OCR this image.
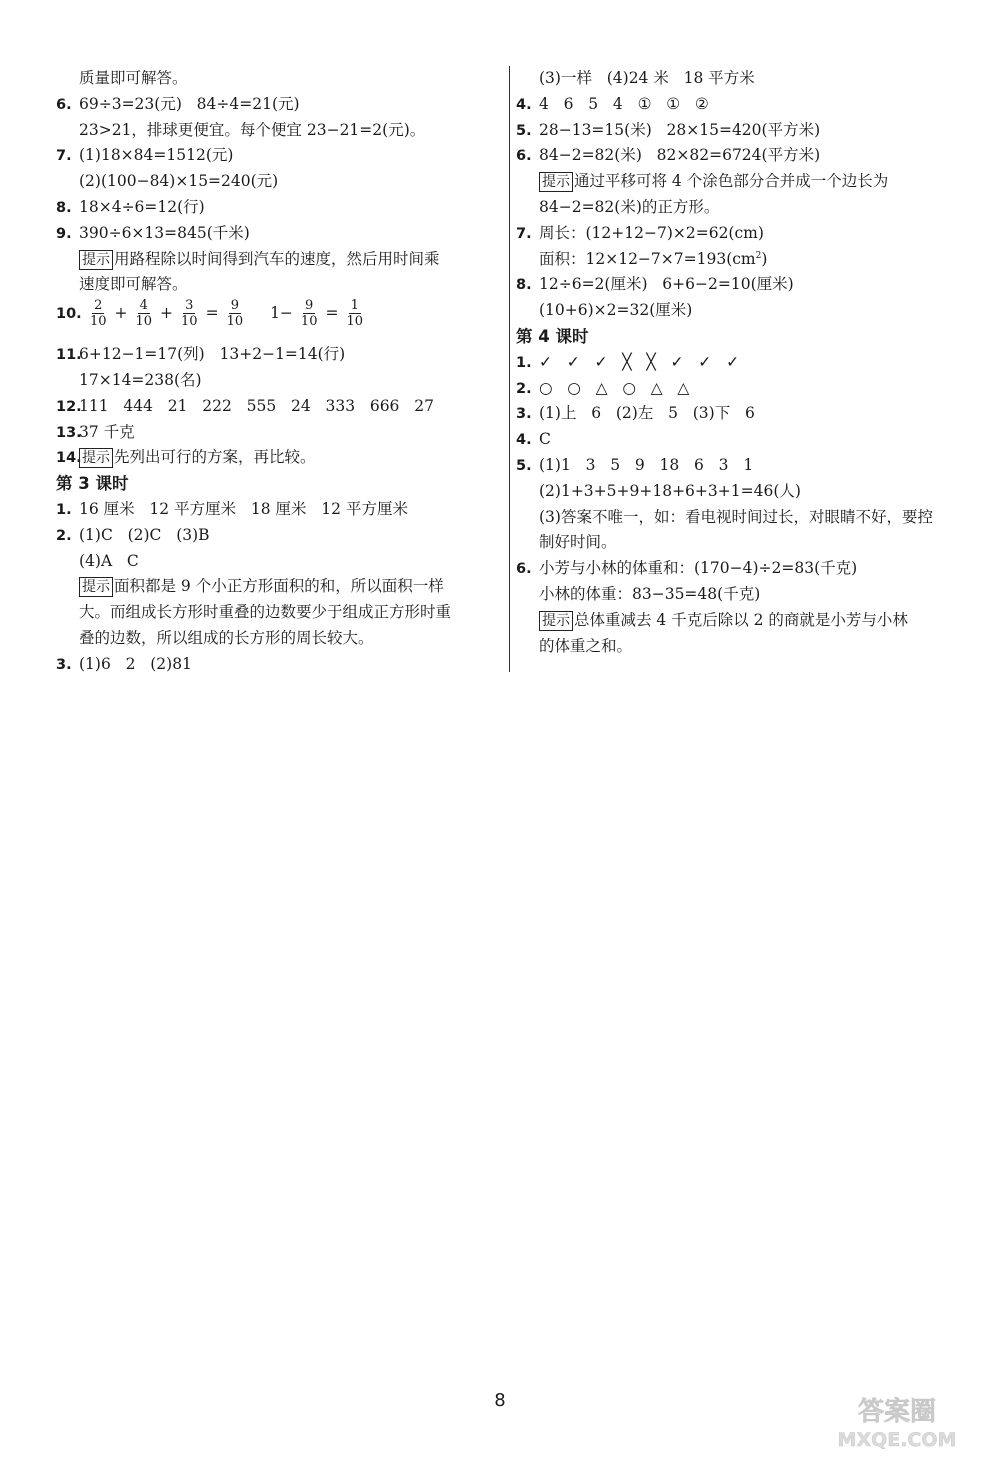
质量即可解答。
6. 69÷3=23(元)   84÷4=21(元)
23>21，排球更便宜。每个便宜 23−21=2(元)。
7. (1)18×84=1512(元)
(2)(100−84)×15=240(元)
8. 18×4÷6=12(行)
9. 390÷6×13=845(千米)
提示 用路程除以时间得到汽车的速度，然后用时间乘
速度即可解答。
10. $\frac{2}{10} + \frac{4}{10} + \frac{3}{10} = \frac{9}{10} 1- \frac{9}{10} = \frac{1}{10}$
11.6+12−1=17(列)   13+2−1=14(行)
17×14=238(名)
12.111   444   21   222   555   24   333   666   27
13.37 千克
14.提示 先列出可行的方案，再比较。
第 3 课时
1. 16 厘米   12 平方厘米   18 厘米   12 平方厘米
2. (1)C   (2)C   (3)B
(4)A   C
提示 面积都是 9 个小正方形面积的和，所以面积一样
大。而组成长方形时重叠的边数要少于组成正方形时重
叠的边数，所以组成的长方形的周长较大。
3. (1)6   2   (2)81
(3)一样   (4)24 米   18 平方米
4. 4   6   5   4   ①   ①   ②
5. 28−13=15(米)   28×15=420(平方米)
6. 84−2=82(米)   82×82=6724(平方米)
提示 通过平移可将 4 个涂色部分合并成一个边长为
84−2=82(米)的正方形。
7. 周长：(12+12−7)×2=62(cm)
面积：$12\times 12-7\times 7=193(cm^2)$
8. 12÷6=2(厘米)   6+6−2=10(厘米)
(10+6)×2=32(厘米)
第 4 课时
1. ✓   ✓   ✓   ╳   ╳   ✓   ✓   ✓
2. ○   ○   △   ○   △   △
3. (1)上   6   (2)左   5   (3)下   6
4. C
5. (1)1   3   5   9   18   6   3   1
(2)1+3+5+9+18+6+3+1=46(人)
(3)答案不唯一，如：看电视时间过长，对眼睛不好，要控
制好时间。
6. 小芳与小林的体重和：(170−4)÷2=83(千克)
小林的体重：83−35=48(千克)
提示 总体重减去 4 千克后除以 2 的商就是小芳与小林
的体重之和。
8	答案圈
MXQE.COM
